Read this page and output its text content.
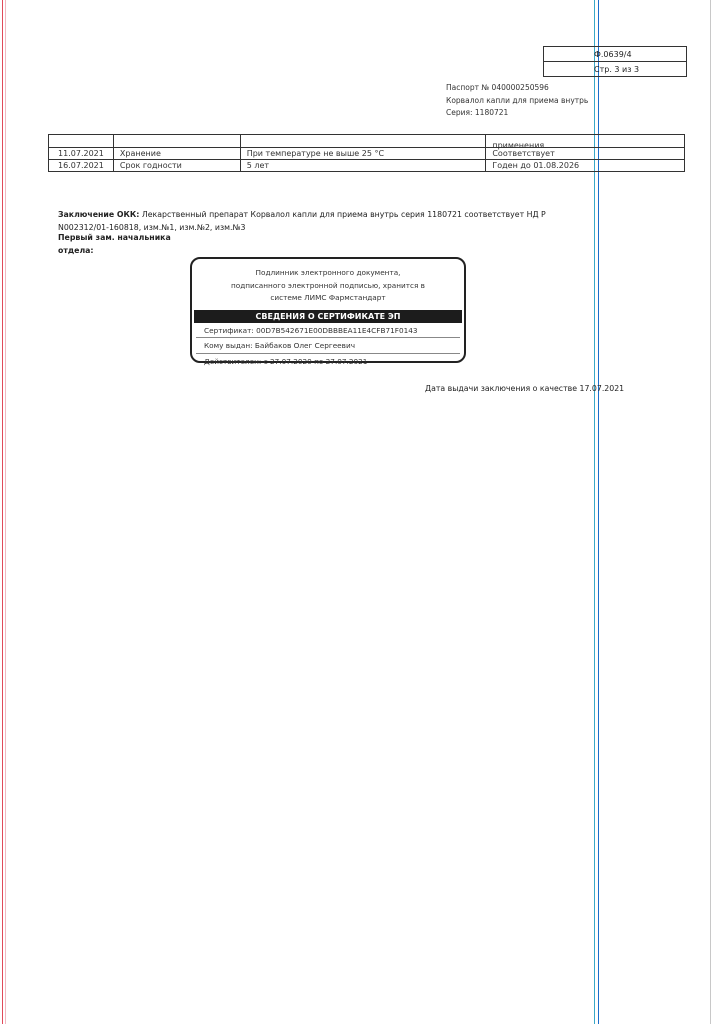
Ф.0639/4
Стр. 3 из 3
Паспорт № 040000250596
Корвалол капли для приема внутрь
Серия: 1180721
			применения.
11.07.2021	Хранение	При температуре не выше 25 °C	Соответствует
16.07.2021	Срок годности	5 лет	Годен до 01.08.2026
Заключение ОКК: Лекарственный препарат Корвалол капли для приема внутрь серия 1180721 соответствует НД Р N002312/01-160818, изм.№1, изм.№2, изм.№3
Первый зам. начальника
отдела:
Подлинник электронного документа,
подписанного электронной подписью, хранится в
системе ЛИМС Фармстандарт
СВЕДЕНИЯ О СЕРТИФИКАТЕ ЭП
Сертификат: 00D7B542671E00DBBBEA11E4CFB71F0143
Кому выдан: Байбаков Олег Сергеевич
Действителен: с 27.07.2020 по 27.07.2021
Дата выдачи заключения о качестве 17.07.2021
